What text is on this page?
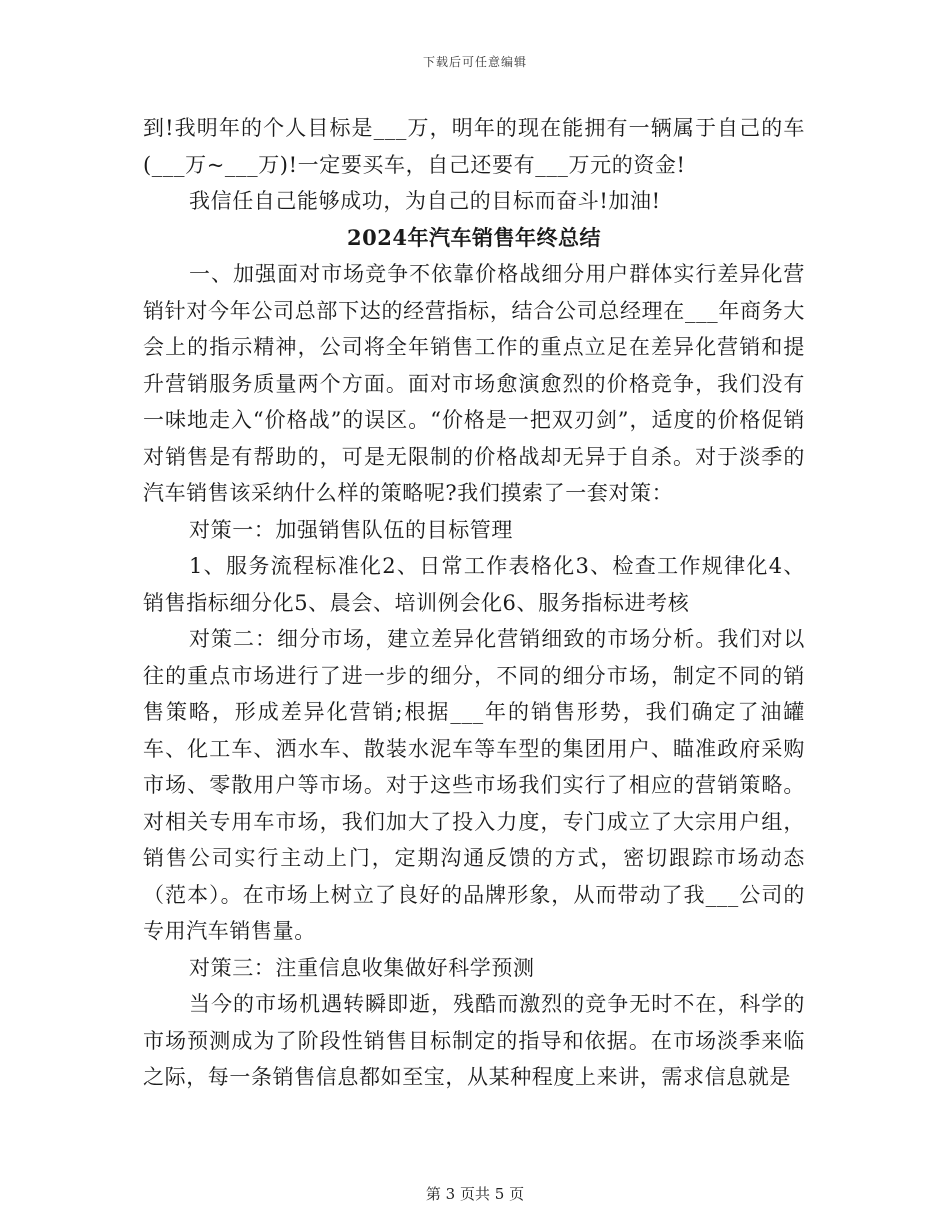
下载后可任意编辑

到!我明年的个人目标是___万，明年的现在能拥有一辆属于自己的车(___万~___万)!一定要买车，自己还要有___万元的资金!

我信任自己能够成功，为自己的目标而奋斗!加油!

2024年汽车销售年终总结

一、加强面对市场竞争不依靠价格战细分用户群体实行差异化营销针对今年公司总部下达的经营指标，结合公司总经理在___年商务大会上的指示精神，公司将全年销售工作的重点立足在差异化营销和提升营销服务质量两个方面。面对市场愈演愈烈的价格竞争，我们没有一味地走入“价格战”的误区。“价格是一把双刃剑”，适度的价格促销对销售是有帮助的，可是无限制的价格战却无异于自杀。对于淡季的汽车销售该采纳什么样的策略呢?我们摸索了一套对策：

对策一：加强销售队伍的目标管理

1、服务流程标准化2、日常工作表格化3、检查工作规律化4、销售指标细分化5、晨会、培训例会化6、服务指标进考核

对策二：细分市场，建立差异化营销细致的市场分析。我们对以往的重点市场进行了进一步的细分，不同的细分市场，制定不同的销售策略，形成差异化营销;根据___年的销售形势，我们确定了油罐车、化工车、洒水车、散装水泥车等车型的集团用户、瞄准政府采购市场、零散用户等市场。对于这些市场我们实行了相应的营销策略。对相关专用车市场，我们加大了投入力度，专门成立了大宗用户组，销售公司实行主动上门，定期沟通反馈的方式，密切跟踪市场动态（范本）。在市场上树立了良好的品牌形象，从而带动了我___公司的专用汽车销售量。

对策三：注重信息收集做好科学预测

当今的市场机遇转瞬即逝，残酷而激烈的竞争无时不在，科学的市场预测成为了阶段性销售目标制定的指导和依据。在市场淡季来临之际，每一条销售信息都如至宝，从某种程度上来讲，需求信息就是

第 3 页共 5 页
